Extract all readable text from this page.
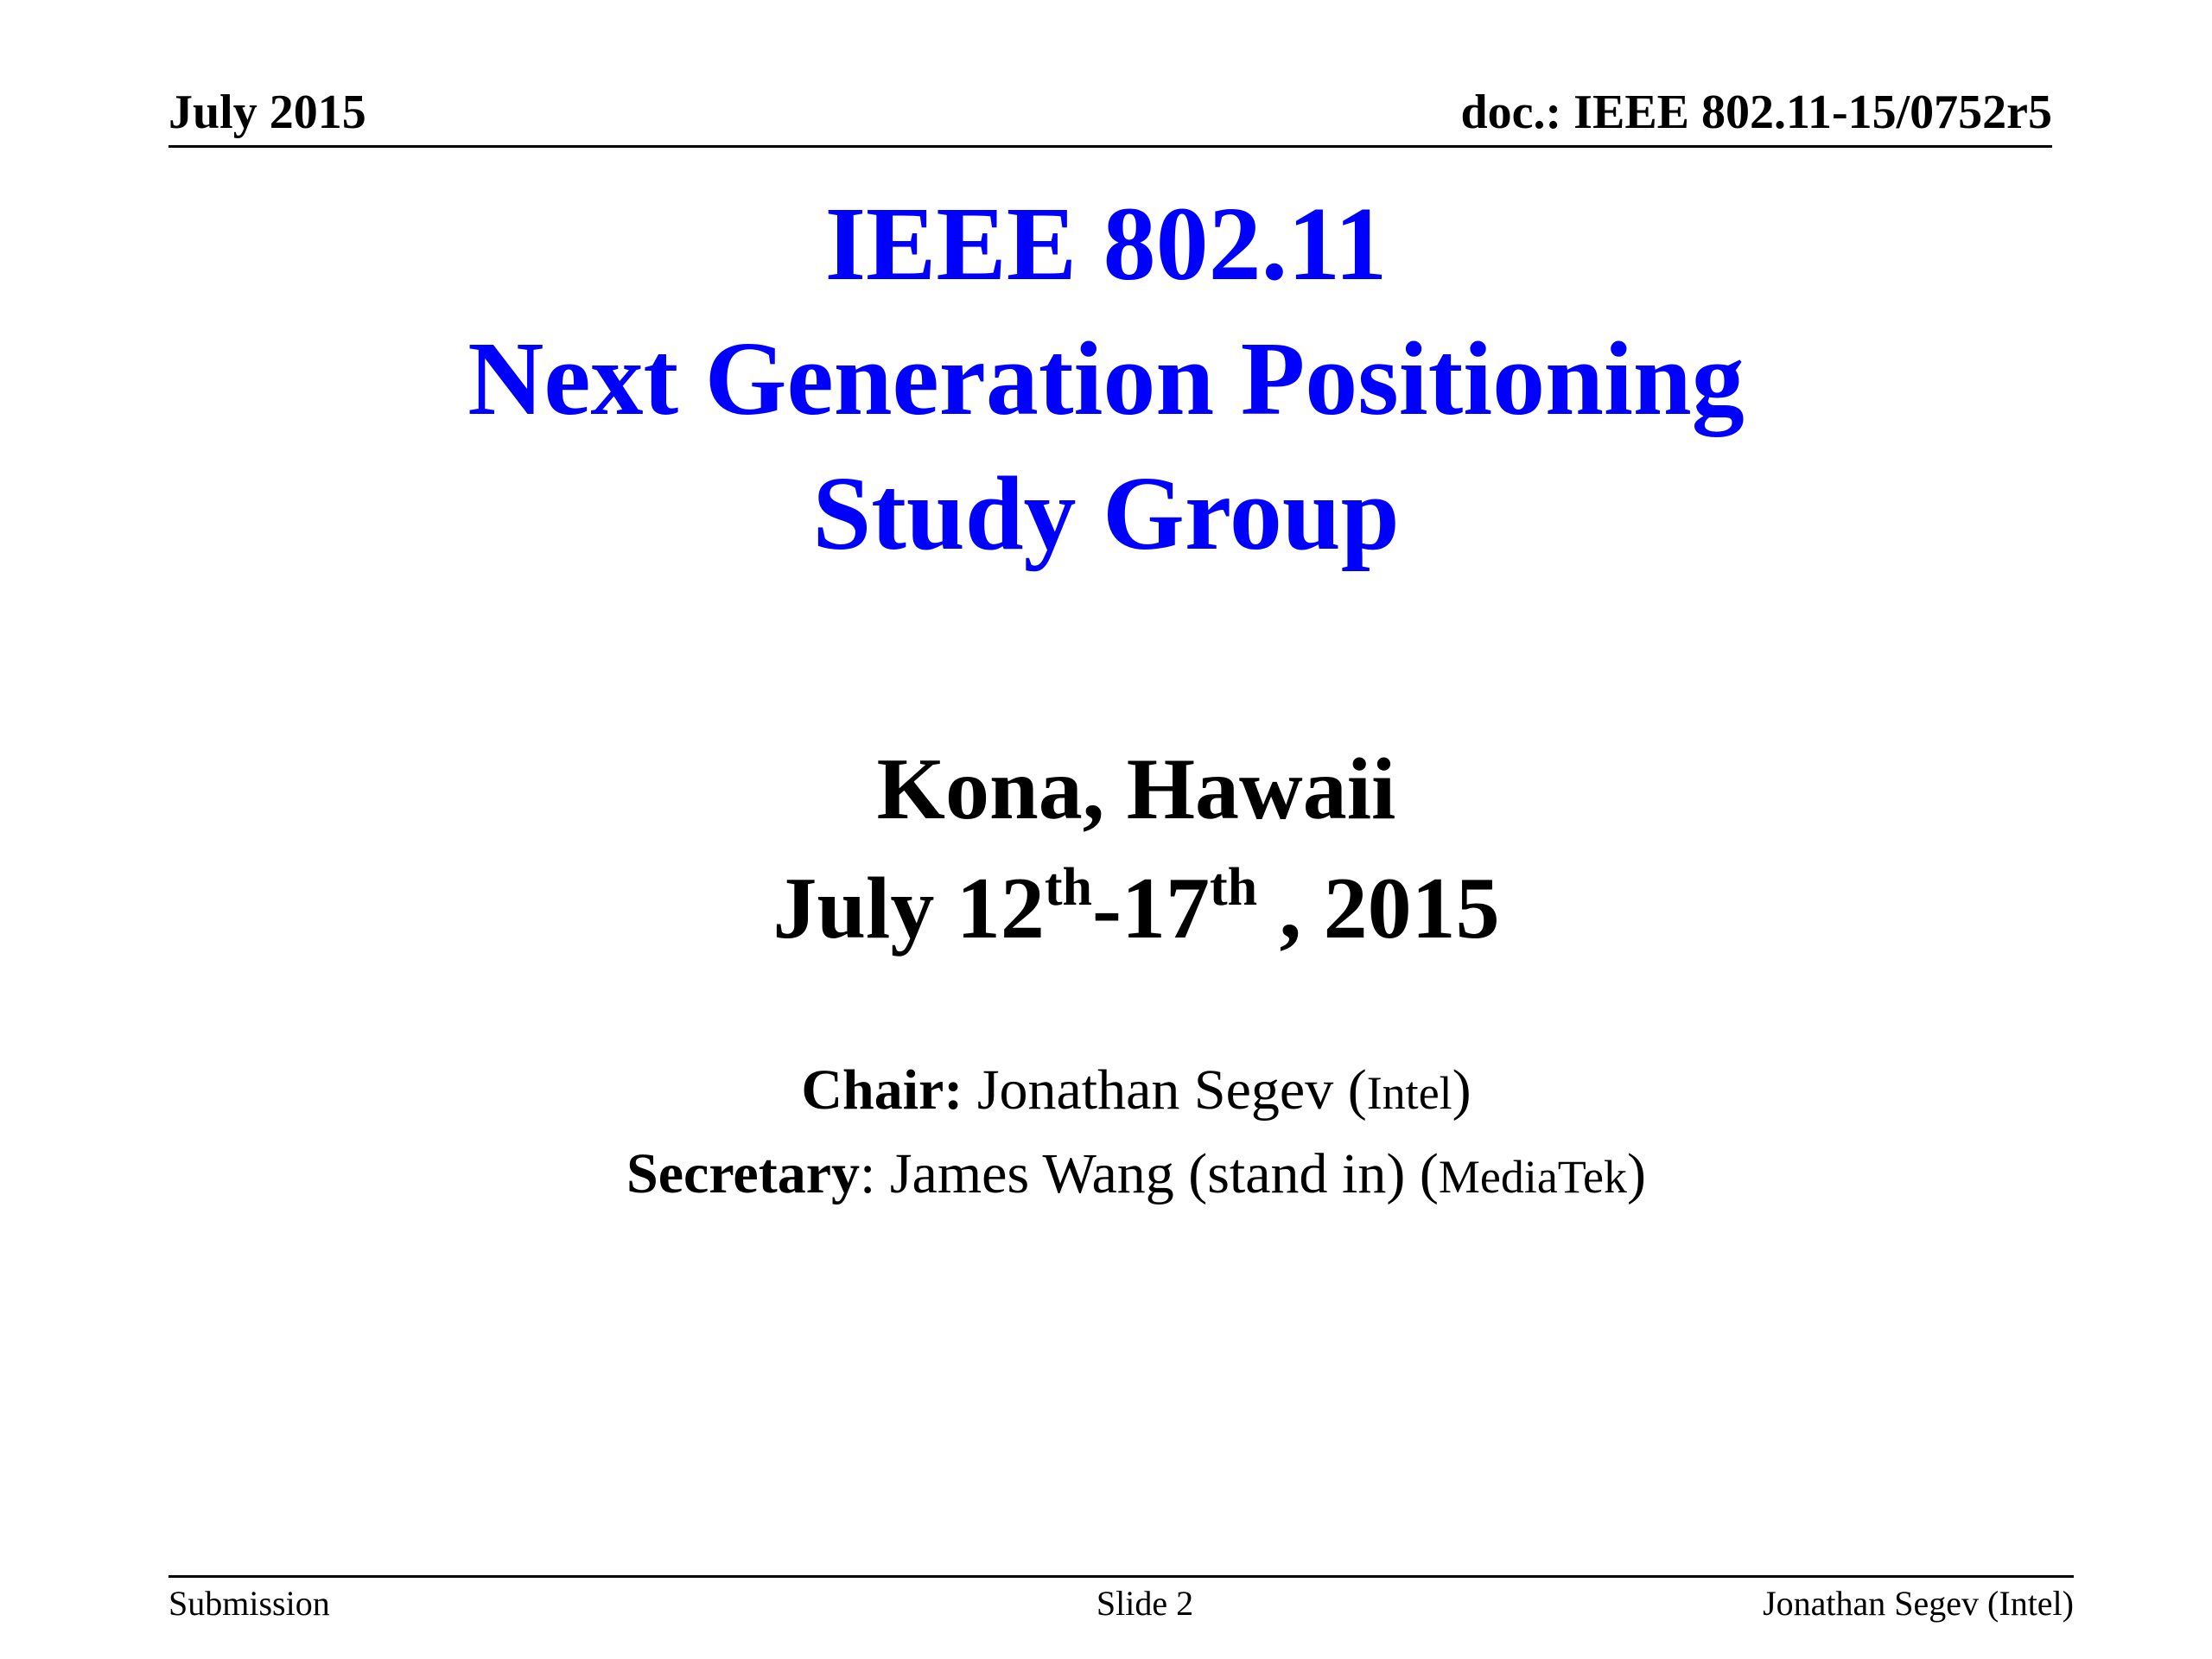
July 2015	doc.: IEEE 802.11-15/0752r5
IEEE 802.11
Next Generation Positioning
Study Group
Kona, Hawaii
July 12th-17th , 2015
Chair: Jonathan Segev (Intel)
Secretary: James Wang (stand in) (MediaTek)
Submission	Slide 2	Jonathan Segev (Intel)
